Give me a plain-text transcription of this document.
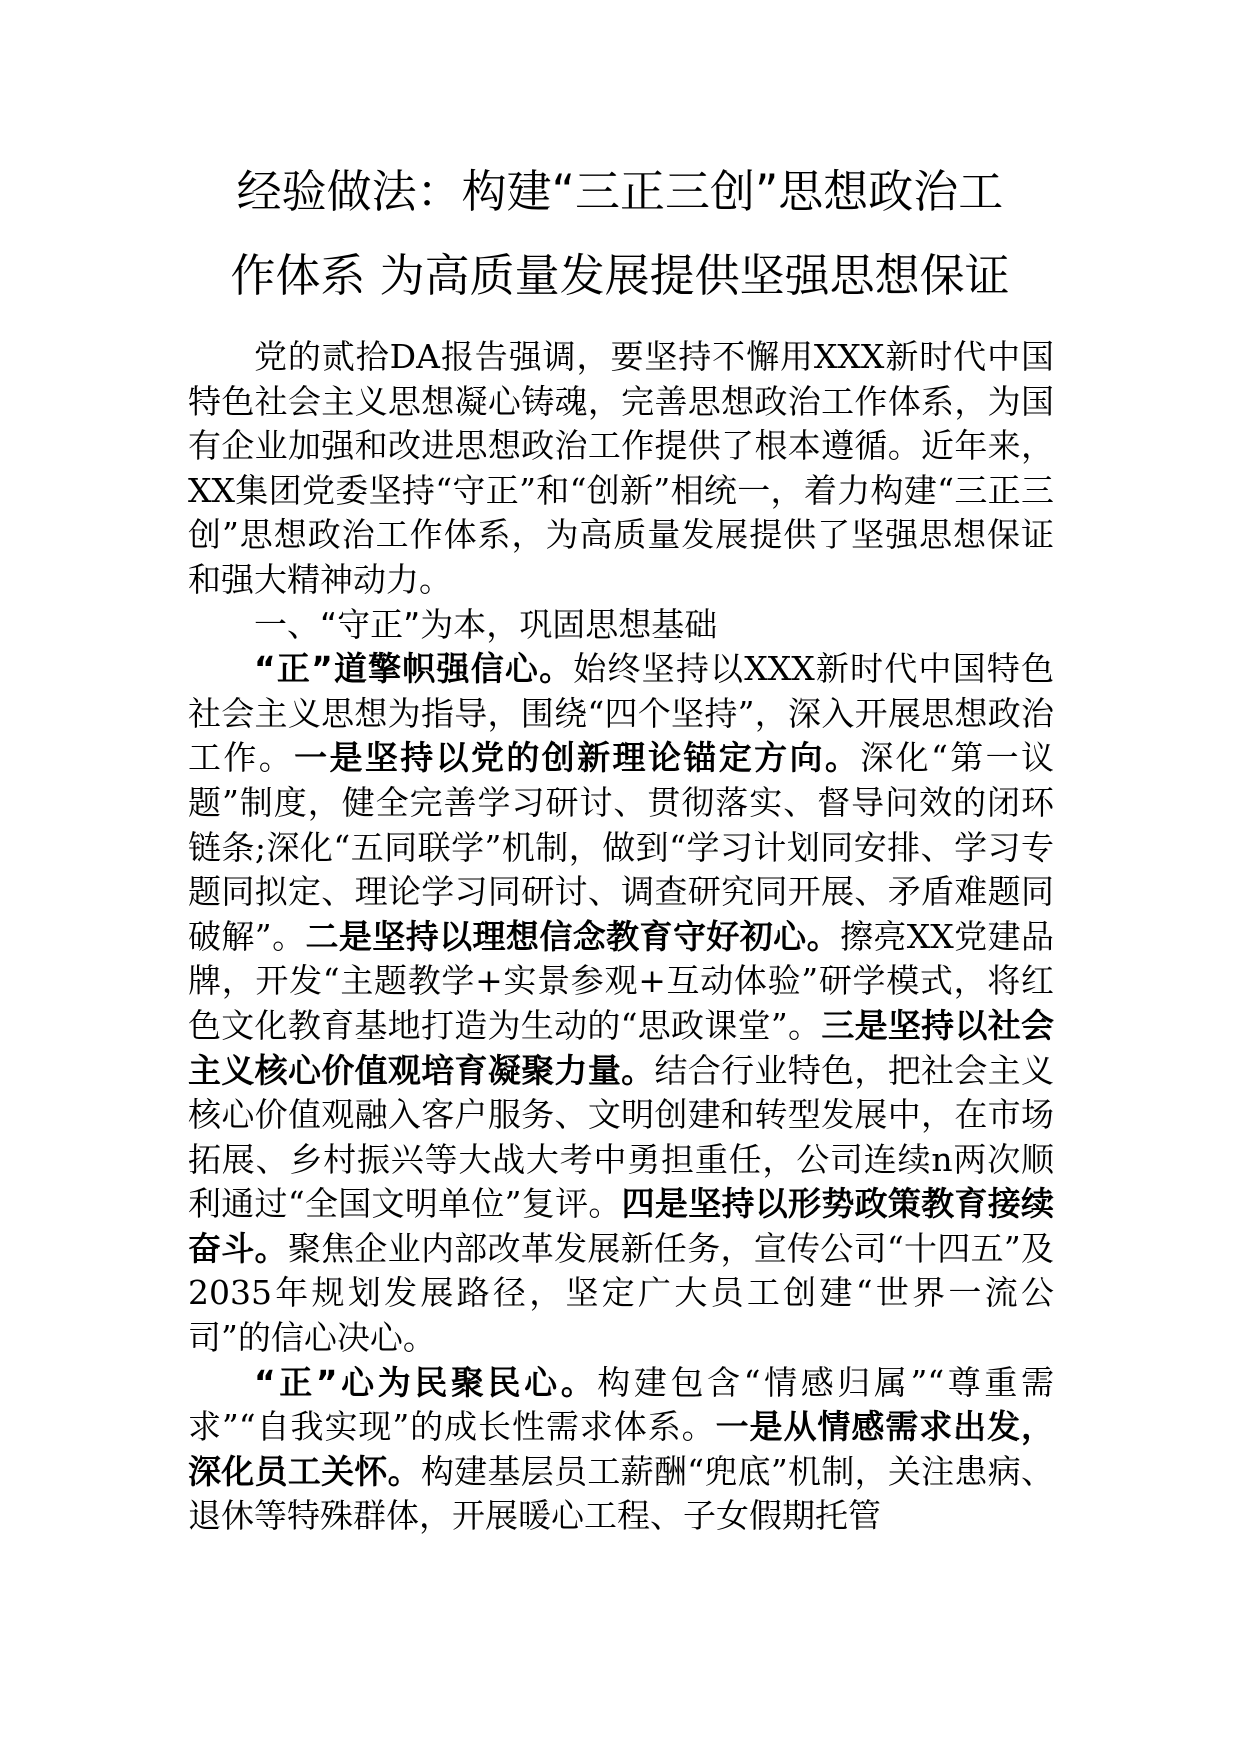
经验做法：构建“三正三创”思想政治工
作体系 为高质量发展提供坚强思想保证

党的贰拾DA报告强调，要坚持不懈用XXX新时代中国特色社会主义思想凝心铸魂，完善思想政治工作体系，为国有企业加强和改进思想政治工作提供了根本遵循。近年来，XX集团党委坚持“守正”和“创新”相统一，着力构建“三正三创”思想政治工作体系，为高质量发展提供了坚强思想保证和强大精神动力。

一、“守正”为本，巩固思想基础

“正”道擎帜强信心。始终坚持以XXX新时代中国特色社会主义思想为指导，围绕“四个坚持”，深入开展思想政治工作。一是坚持以党的创新理论锚定方向。深化“第一议题”制度，健全完善学习研讨、贯彻落实、督导问效的闭环链条;深化“五同联学”机制，做到“学习计划同安排、学习专题同拟定、理论学习同研讨、调查研究同开展、矛盾难题同破解”。二是坚持以理想信念教育守好初心。擦亮XX党建品牌，开发“主题教学+实景参观+互动体验”研学模式，将红色文化教育基地打造为生动的“思政课堂”。三是坚持以社会主义核心价值观培育凝聚力量。结合行业特色，把社会主义核心价值观融入客户服务、文明创建和转型发展中，在市场拓展、乡村振兴等大战大考中勇担重任，公司连续n两次顺利通过“全国文明单位”复评。四是坚持以形势政策教育接续奋斗。聚焦企业内部改革发展新任务，宣传公司“十四五”及2035年规划发展路径，坚定广大员工创建“世界一流公司”的信心决心。

“正”心为民聚民心。构建包含“情感归属”“尊重需求”“自我实现”的成长性需求体系。一是从情感需求出发，深化员工关怀。构建基层员工薪酬“兜底”机制，关注患病、退休等特殊群体，开展暖心工程、子女假期托管
